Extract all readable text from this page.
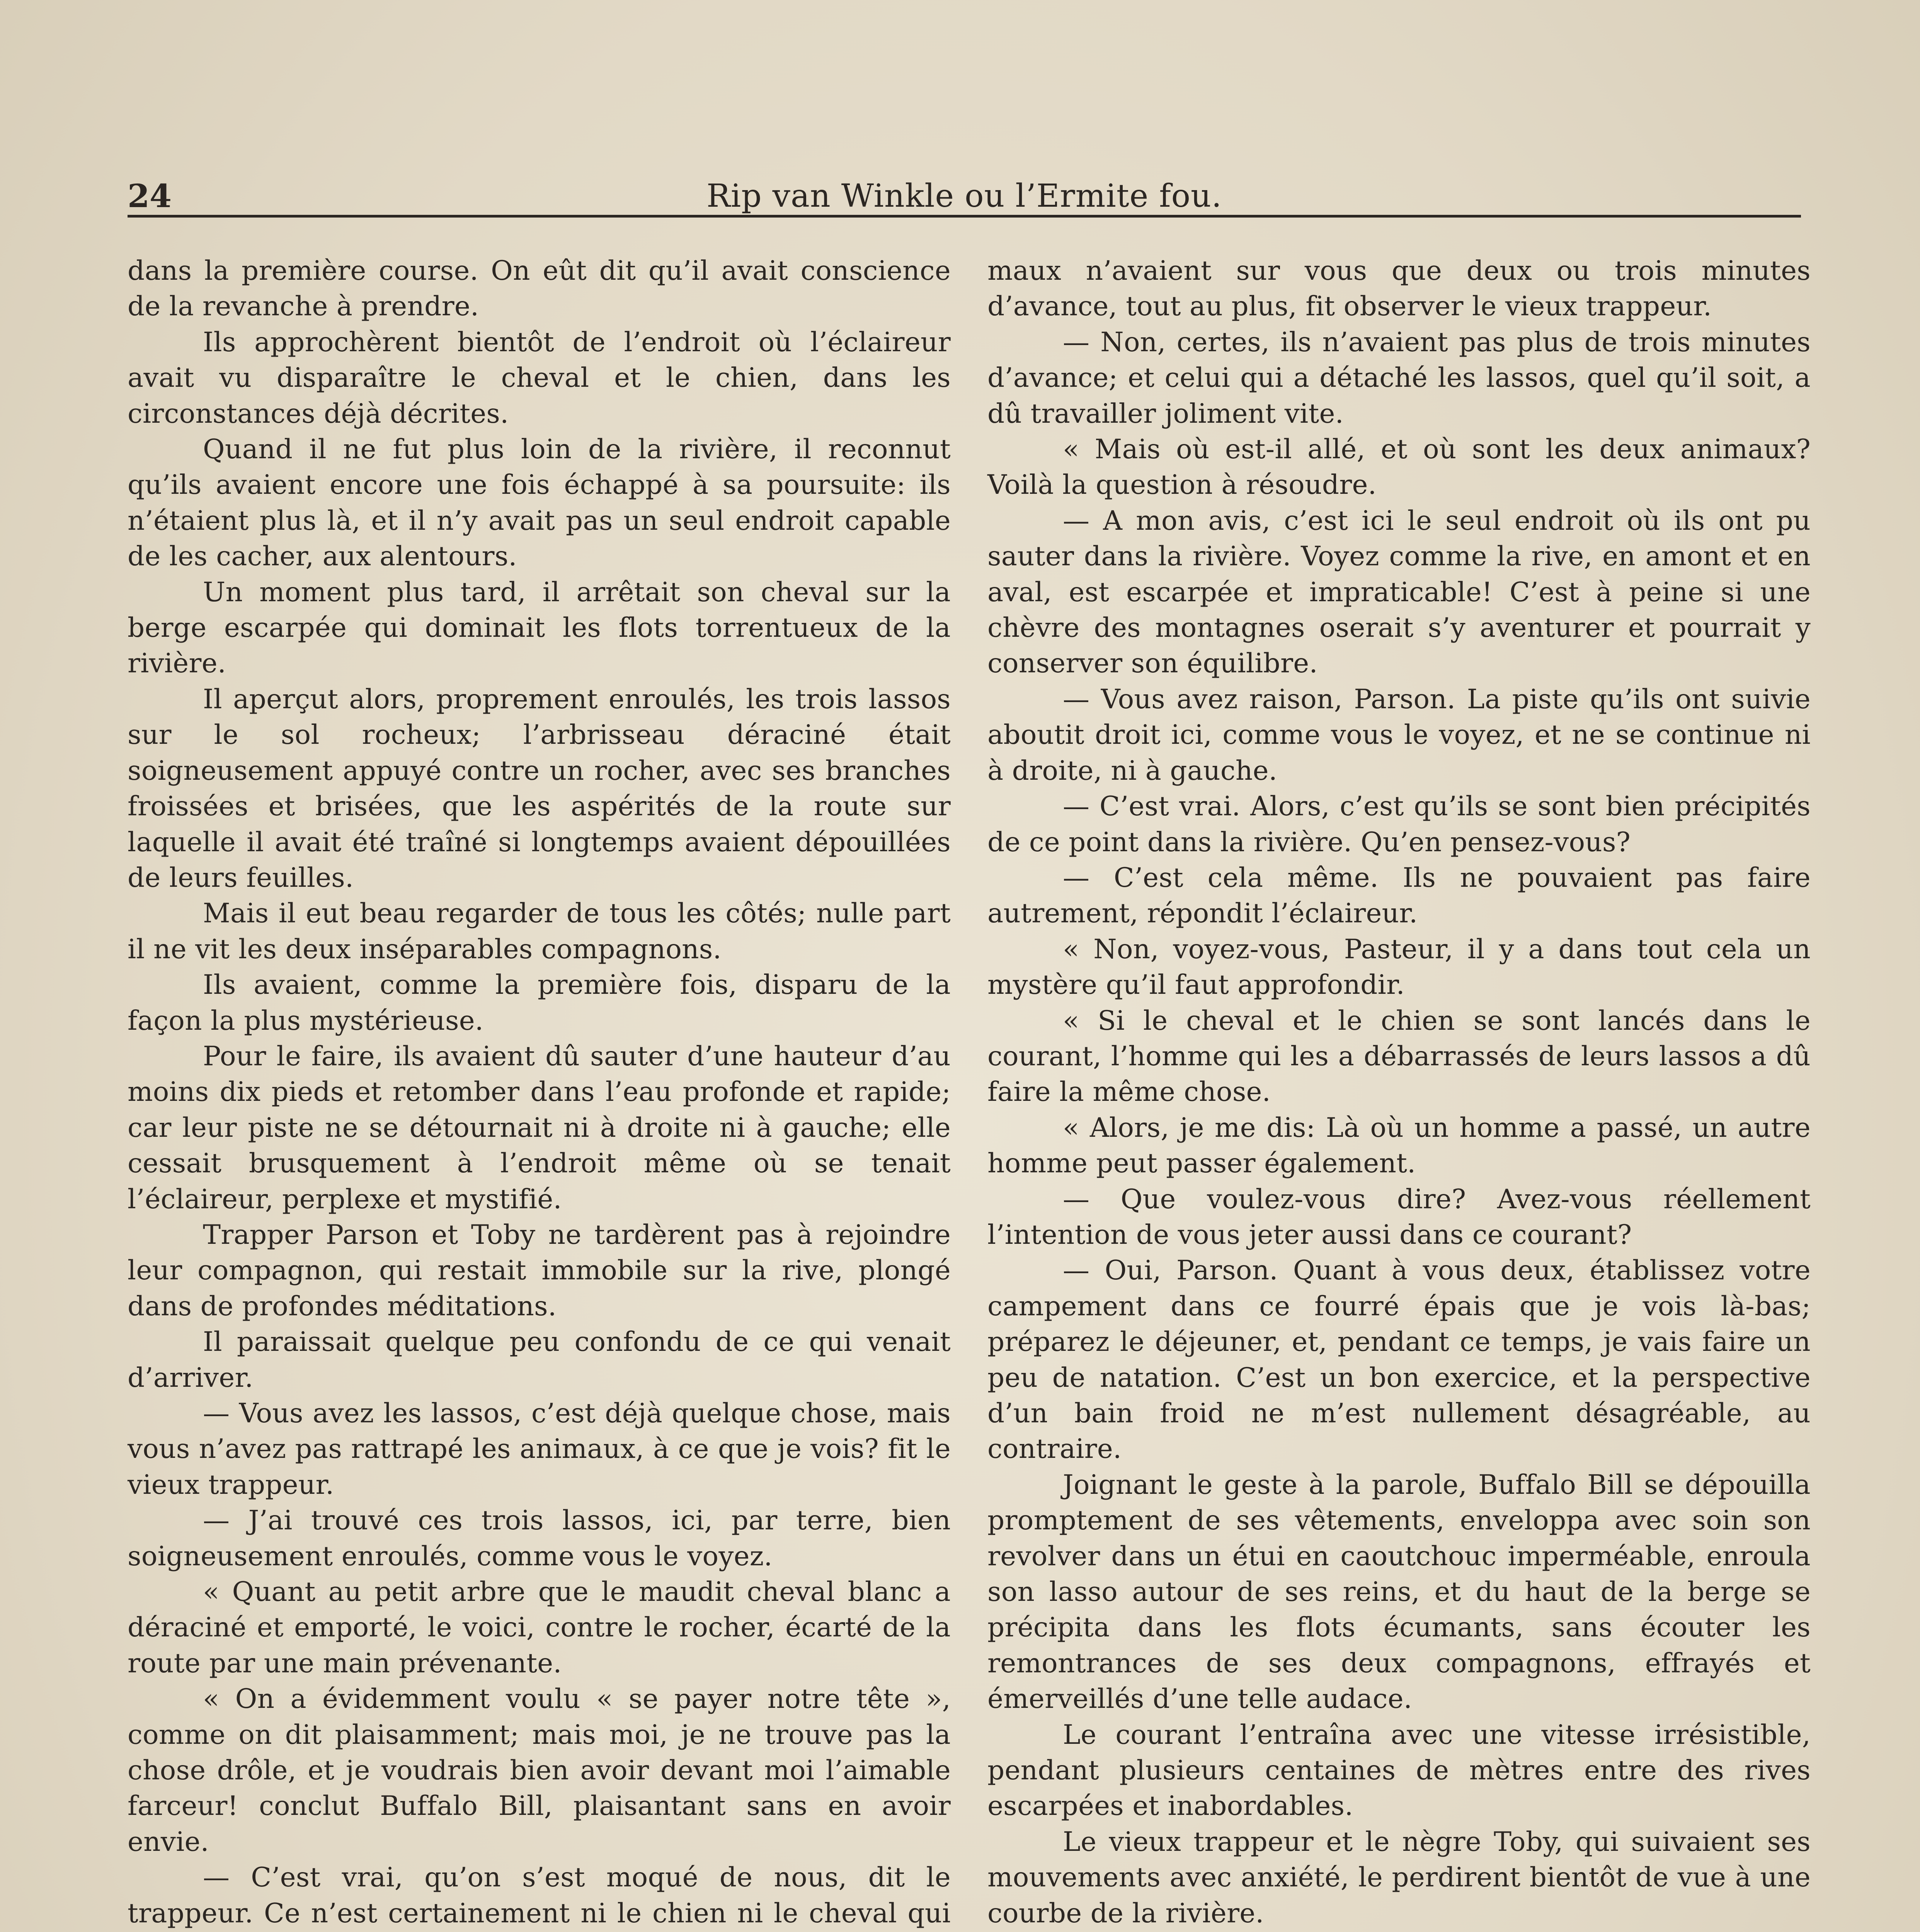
24	Rip van Winkle ou l’Ermite fou.

dans la première course. On eût dit qu’il avait conscience de la revanche à prendre.

Ils approchèrent bientôt de l’endroit où l’éclaireur avait vu disparaître le cheval et le chien, dans les circonstances déjà décrites.

Quand il ne fut plus loin de la rivière, il reconnut qu’ils avaient encore une fois échappé à sa poursuite: ils n’étaient plus là, et il n’y avait pas un seul endroit capable de les cacher, aux alentours.

Un moment plus tard, il arrêtait son cheval sur la berge escarpée qui dominait les flots torrentueux de la rivière.

Il aperçut alors, proprement enroulés, les trois lassos sur le sol rocheux; l’arbrisseau déraciné était soigneusement appuyé contre un rocher, avec ses branches froissées et brisées, que les aspérités de la route sur laquelle il avait été traîné si longtemps avaient dépouillées de leurs feuilles.

Mais il eut beau regarder de tous les côtés; nulle part il ne vit les deux inséparables compagnons.

Ils avaient, comme la première fois, disparu de la façon la plus mystérieuse.

Pour le faire, ils avaient dû sauter d’une hauteur d’au moins dix pieds et retomber dans l’eau profonde et rapide; car leur piste ne se détournait ni à droite ni à gauche; elle cessait brusquement à l’endroit même où se tenait l’éclaireur, perplexe et mystifié.

Trapper Parson et Toby ne tardèrent pas à rejoindre leur compagnon, qui restait immobile sur la rive, plongé dans de profondes méditations.

Il paraissait quelque peu confondu de ce qui venait d’arriver.

— Vous avez les lassos, c’est déjà quelque chose, mais vous n’avez pas rattrapé les animaux, à ce que je vois? fit le vieux trappeur.

— J’ai trouvé ces trois lassos, ici, par terre, bien soigneusement enroulés, comme vous le voyez.

« Quant au petit arbre que le maudit cheval blanc a déraciné et emporté, le voici, contre le rocher, écarté de la route par une main prévenante.

« On a évidemment voulu « se payer notre tête », comme on dit plaisamment; mais moi, je ne trouve pas la chose drôle, et je voudrais bien avoir devant moi l’aimable farceur! conclut Buffalo Bill, plaisantant sans en avoir envie.

— C’est vrai, qu’on s’est moqué de nous, dit le trappeur. Ce n’est certainement ni le chien ni le cheval qui

maux n’avaient sur vous que deux ou trois minutes d’avance, tout au plus, fit observer le vieux trappeur.

— Non, certes, ils n’avaient pas plus de trois minutes d’avance; et celui qui a détaché les lassos, quel qu’il soit, a dû travailler joliment vite.

« Mais où est-il allé, et où sont les deux animaux? Voilà la question à résoudre.

— A mon avis, c’est ici le seul endroit où ils ont pu sauter dans la rivière. Voyez comme la rive, en amont et en aval, est escarpée et impraticable! C’est à peine si une chèvre des montagnes oserait s’y aventurer et pourrait y conserver son équilibre.

— Vous avez raison, Parson. La piste qu’ils ont suivie aboutit droit ici, comme vous le voyez, et ne se continue ni à droite, ni à gauche.

— C’est vrai. Alors, c’est qu’ils se sont bien précipités de ce point dans la rivière. Qu’en pensez-vous?

— C’est cela même. Ils ne pouvaient pas faire autrement, répondit l’éclaireur.

« Non, voyez-vous, Pasteur, il y a dans tout cela un mystère qu’il faut approfondir.

« Si le cheval et le chien se sont lancés dans le courant, l’homme qui les a débarrassés de leurs lassos a dû faire la même chose.

« Alors, je me dis: Là où un homme a passé, un autre homme peut passer également.

— Que voulez-vous dire? Avez-vous réellement l’intention de vous jeter aussi dans ce courant?

— Oui, Parson. Quant à vous deux, établissez votre campement dans ce fourré épais que je vois là-bas; préparez le déjeuner, et, pendant ce temps, je vais faire un peu de natation. C’est un bon exercice, et la perspective d’un bain froid ne m’est nullement désagréable, au contraire.

Joignant le geste à la parole, Buffalo Bill se dépouilla promptement de ses vêtements, enveloppa avec soin son revolver dans un étui en caoutchouc imperméable, enroula son lasso autour de ses reins, et du haut de la berge se précipita dans les flots écumants, sans écouter les remontrances de ses deux compagnons, effrayés et émerveillés d’une telle audace.

Le courant l’entraîna avec une vitesse irrésistible, pendant plusieurs centaines de mètres entre des rives escarpées et inabordables.

Le vieux trappeur et le nègre Toby, qui suivaient ses mouvements avec anxiété, le perdirent bientôt de vue à une courbe de la rivière.
